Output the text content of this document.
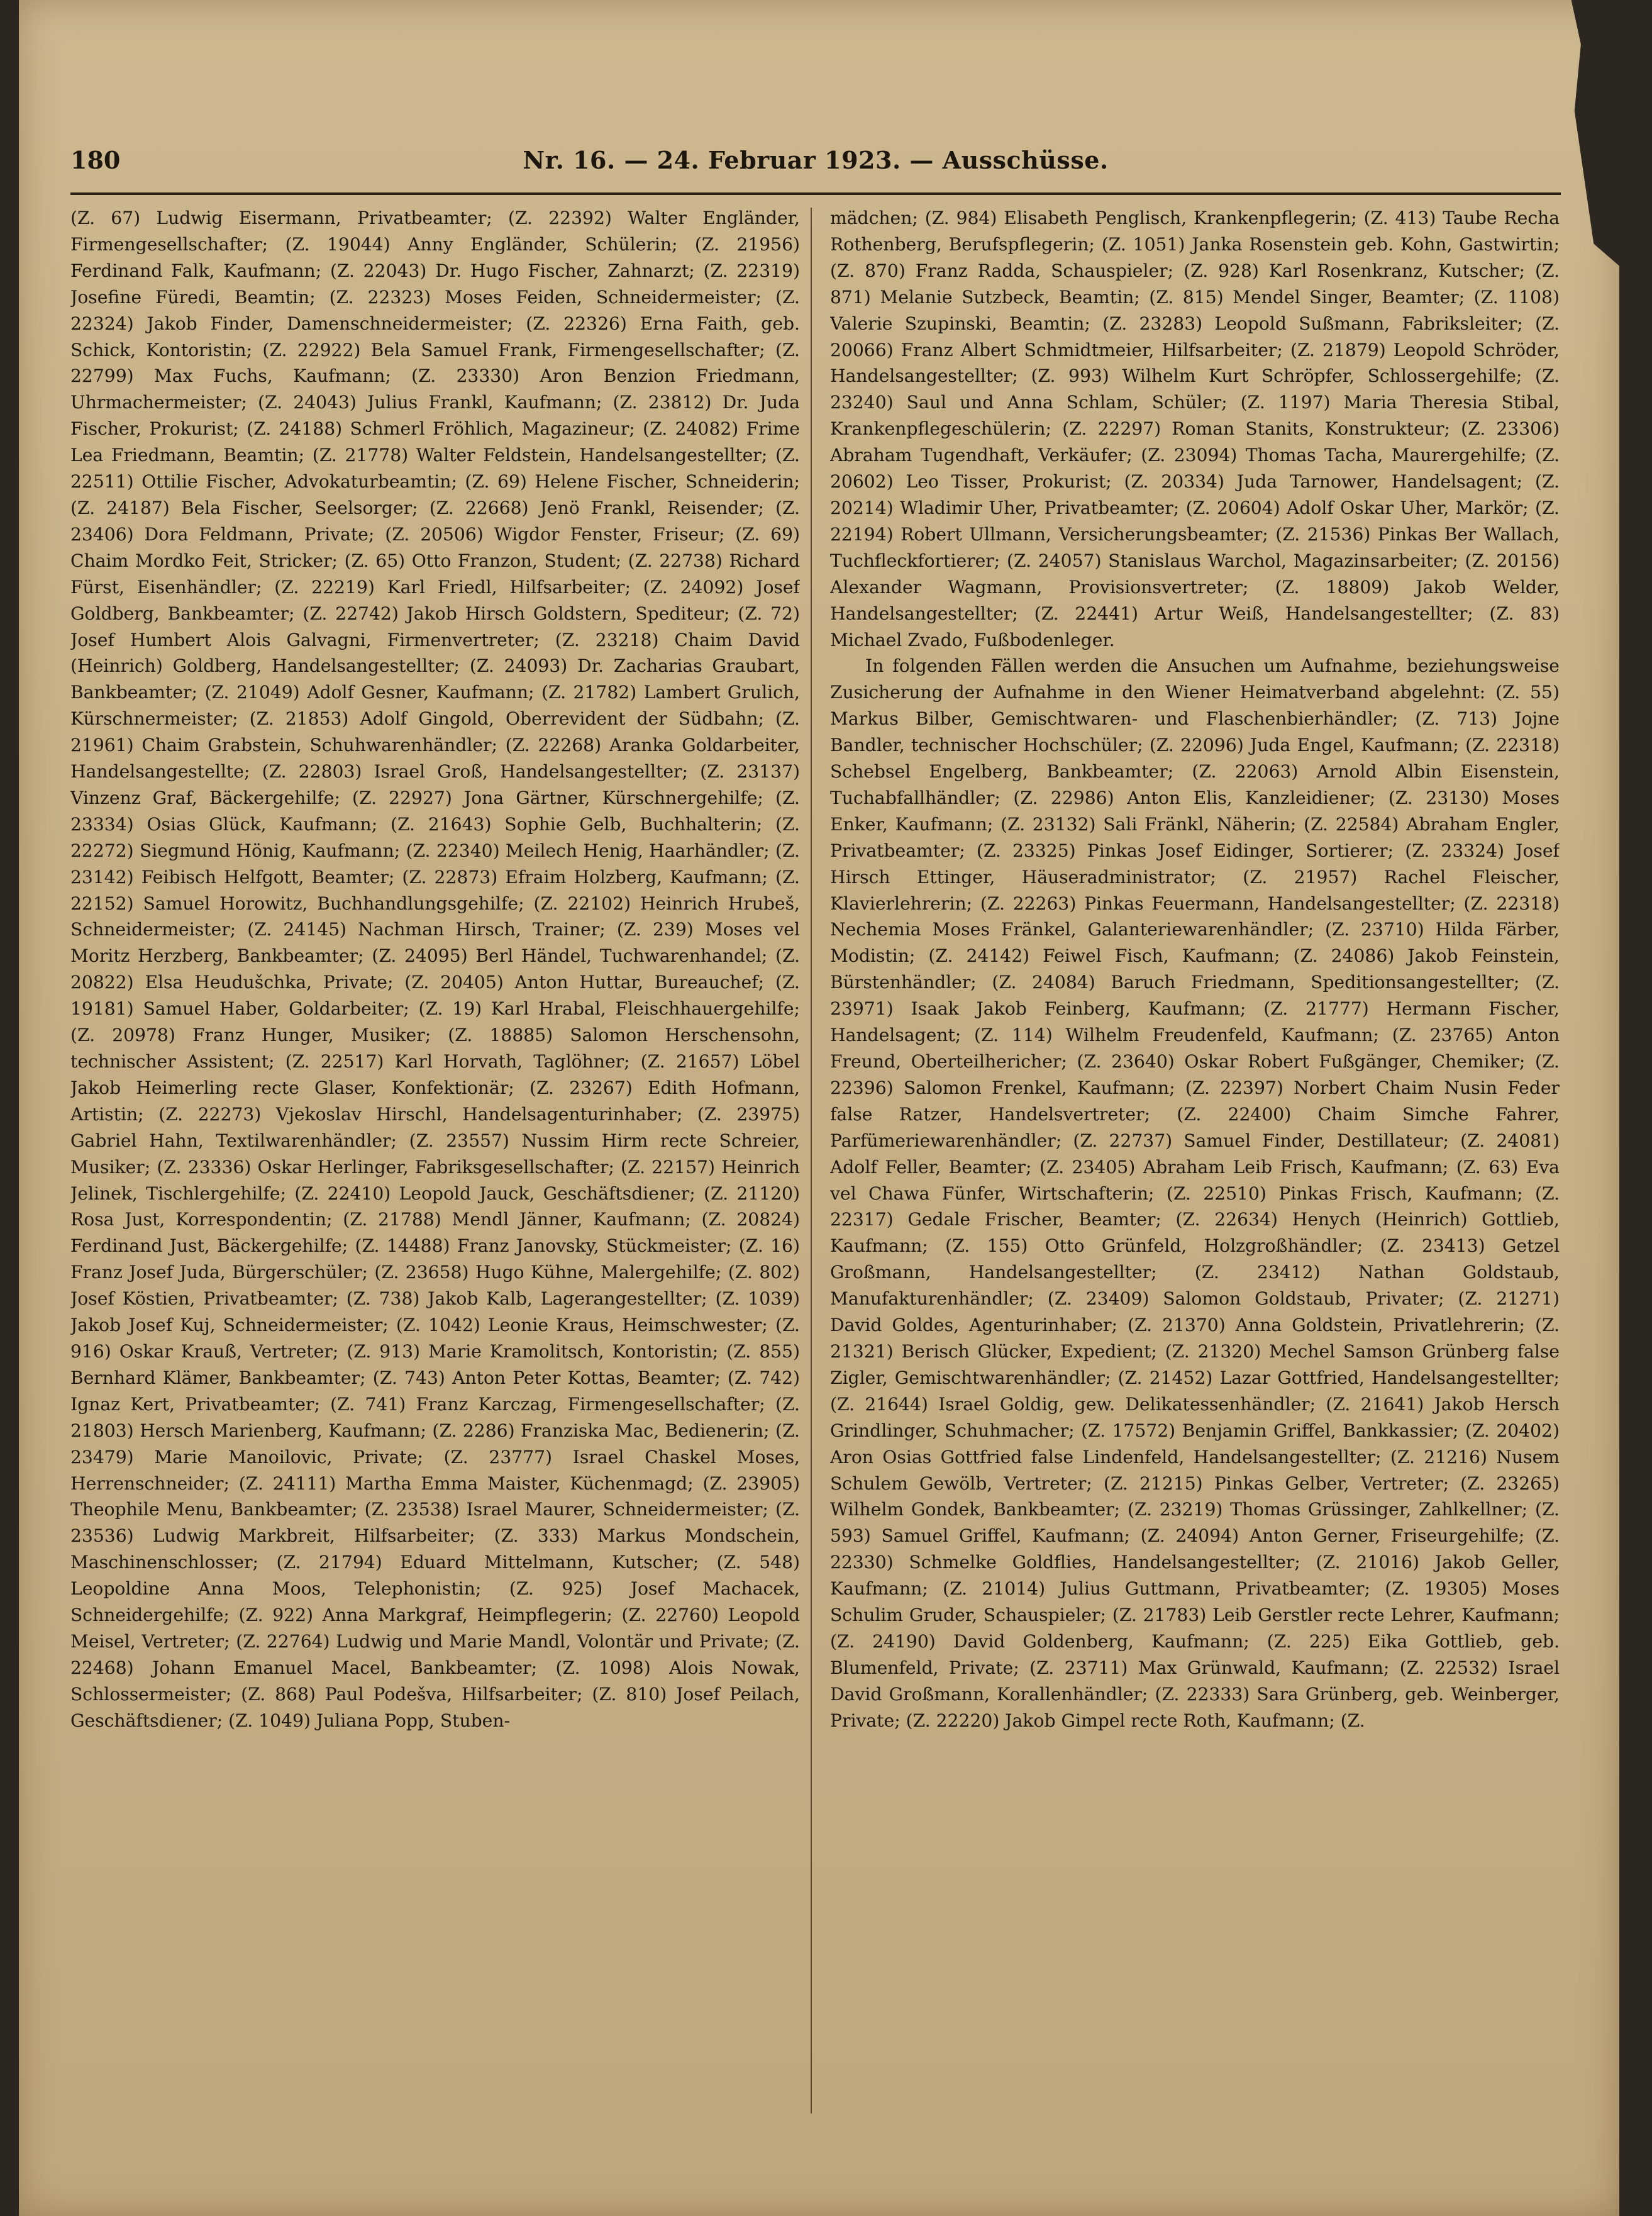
180	Nr. 16. — 24. Februar 1923. — Ausschüsse.

(Z. 67) Ludwig Eisermann, Privatbeamter; (Z. 22392) Walter Engländer, Firmengesellschafter; (Z. 19044) Anny Engländer, Schülerin; (Z. 21956) Ferdinand Falk, Kaufmann; (Z. 22043) Dr. Hugo Fischer, Zahnarzt; (Z. 22319) Josefine Füredi, Beamtin; (Z. 22323) Moses Feiden, Schneidermeister; (Z. 22324) Jakob Finder, Damenschneidermeister; (Z. 22326) Erna Faith, geb. Schick, Kontoristin; (Z. 22922) Bela Samuel Frank, Firmengesellschafter; (Z. 22799) Max Fuchs, Kaufmann; (Z. 23330) Aron Benzion Friedmann, Uhrmachermeister; (Z. 24043) Julius Frankl, Kaufmann; (Z. 23812) Dr. Juda Fischer, Prokurist; (Z. 24188) Schmerl Fröhlich, Magazineur; (Z. 24082) Frime Lea Friedmann, Beamtin; (Z. 21778) Walter Feldstein, Handelsangestellter; (Z. 22511) Ottilie Fischer, Advokaturbeamtin; (Z. 69) Helene Fischer, Schneiderin; (Z. 24187) Bela Fischer, Seelsorger; (Z. 22668) Jenö Frankl, Reisender; (Z. 23406) Dora Feldmann, Private; (Z. 20506) Wigdor Fenster, Friseur; (Z. 69) Chaim Mordko Feit, Stricker; (Z. 65) Otto Franzon, Student; (Z. 22738) Richard Fürst, Eisenhändler; (Z. 22219) Karl Friedl, Hilfsarbeiter; (Z. 24092) Josef Goldberg, Bankbeamter; (Z. 22742) Jakob Hirsch Goldstern, Spediteur; (Z. 72) Josef Humbert Alois Galvagni, Firmenvertreter; (Z. 23218) Chaim David (Heinrich) Goldberg, Handelsangestellter; (Z. 24093) Dr. Zacharias Graubart, Bankbeamter; (Z. 21049) Adolf Gesner, Kaufmann; (Z. 21782) Lambert Grulich, Kürschnermeister; (Z. 21853) Adolf Gingold, Oberrevident der Südbahn; (Z. 21961) Chaim Grabstein, Schuhwarenhändler; (Z. 22268) Aranka Goldarbeiter, Handelsangestellte; (Z. 22803) Israel Groß, Handelsangestellter; (Z. 23137) Vinzenz Graf, Bäckergehilfe; (Z. 22927) Jona Gärtner, Kürschnergehilfe; (Z. 23334) Osias Glück, Kaufmann; (Z. 21643) Sophie Gelb, Buchhalterin; (Z. 22272) Siegmund Hönig, Kaufmann; (Z. 22340) Meilech Henig, Haarhändler; (Z. 23142) Feibisch Helfgott, Beamter; (Z. 22873) Efraim Holzberg, Kaufmann; (Z. 22152) Samuel Horowitz, Buchhandlungsgehilfe; (Z. 22102) Heinrich Hrubeš, Schneidermeister; (Z. 24145) Nachman Hirsch, Trainer; (Z. 239) Moses vel Moritz Herzberg, Bankbeamter; (Z. 24095) Berl Händel, Tuchwarenhandel; (Z. 20822) Elsa Heudušchka, Private; (Z. 20405) Anton Huttar, Bureauchef; (Z. 19181) Samuel Haber, Goldarbeiter; (Z. 19) Karl Hrabal, Fleischhauergehilfe; (Z. 20978) Franz Hunger, Musiker; (Z. 18885) Salomon Herschensohn, technischer Assistent; (Z. 22517) Karl Horvath, Taglöhner; (Z. 21657) Löbel Jakob Heimerling recte Glaser, Konfektionär; (Z. 23267) Edith Hofmann, Artistin; (Z. 22273) Vjekoslav Hirschl, Handelsagenturinhaber; (Z. 23975) Gabriel Hahn, Textilwarenhändler; (Z. 23557) Nussim Hirm recte Schreier, Musiker; (Z. 23336) Oskar Herlinger, Fabriksgesellschafter; (Z. 22157) Heinrich Jelinek, Tischlergehilfe; (Z. 22410) Leopold Jauck, Geschäftsdiener; (Z. 21120) Rosa Just, Korrespondentin; (Z. 21788) Mendl Jänner, Kaufmann; (Z. 20824) Ferdinand Just, Bäckergehilfe; (Z. 14488) Franz Janovsky, Stückmeister; (Z. 16) Franz Josef Juda, Bürgerschüler; (Z. 23658) Hugo Kühne, Malergehilfe; (Z. 802) Josef Köstien, Privatbeamter; (Z. 738) Jakob Kalb, Lagerangestellter; (Z. 1039) Jakob Josef Kuj, Schneidermeister; (Z. 1042) Leonie Kraus, Heimschwester; (Z. 916) Oskar Krauß, Vertreter; (Z. 913) Marie Kramolitsch, Kontoristin; (Z. 855) Bernhard Klämer, Bankbeamter; (Z. 743) Anton Peter Kottas, Beamter; (Z. 742) Ignaz Kert, Privatbeamter; (Z. 741) Franz Karczag, Firmengesellschafter; (Z. 21803) Hersch Marienberg, Kaufmann; (Z. 2286) Franziska Mac, Bedienerin; (Z. 23479) Marie Manoilovic, Private; (Z. 23777) Israel Chaskel Moses, Herrenschneider; (Z. 24111) Martha Emma Maister, Küchenmagd; (Z. 23905) Theophile Menu, Bankbeamter; (Z. 23538) Israel Maurer, Schneidermeister; (Z. 23536) Ludwig Markbreit, Hilfsarbeiter; (Z. 333) Markus Mondschein, Maschinenschlosser; (Z. 21794) Eduard Mittelmann, Kutscher; (Z. 548) Leopoldine Anna Moos, Telephonistin; (Z. 925) Josef Machacek, Schneidergehilfe; (Z. 922) Anna Markgraf, Heimpflegerin; (Z. 22760) Leopold Meisel, Vertreter; (Z. 22764) Ludwig und Marie Mandl, Volontär und Private; (Z. 22468) Johann Emanuel Macel, Bankbeamter; (Z. 1098) Alois Nowak, Schlossermeister; (Z. 868) Paul Podešva, Hilfsarbeiter; (Z. 810) Josef Peilach, Geschäftsdiener; (Z. 1049) Juliana Popp, Stuben-

mädchen; (Z. 984) Elisabeth Penglisch, Krankenpflegerin; (Z. 413) Taube Recha Rothenberg, Berufspflegerin; (Z. 1051) Janka Rosenstein geb. Kohn, Gastwirtin; (Z. 870) Franz Radda, Schauspieler; (Z. 928) Karl Rosenkranz, Kutscher; (Z. 871) Melanie Sutzbeck, Beamtin; (Z. 815) Mendel Singer, Beamter; (Z. 1108) Valerie Szupinski, Beamtin; (Z. 23283) Leopold Sußmann, Fabriksleiter; (Z. 20066) Franz Albert Schmidtmeier, Hilfsarbeiter; (Z. 21879) Leopold Schröder, Handelsangestellter; (Z. 993) Wilhelm Kurt Schröpfer, Schlossergehilfe; (Z. 23240) Saul und Anna Schlam, Schüler; (Z. 1197) Maria Theresia Stibal, Krankenpflegeschülerin; (Z. 22297) Roman Stanits, Konstrukteur; (Z. 23306) Abraham Tugendhaft, Verkäufer; (Z. 23094) Thomas Tacha, Maurergehilfe; (Z. 20602) Leo Tisser, Prokurist; (Z. 20334) Juda Tarnower, Handelsagent; (Z. 20214) Wladimir Uher, Privatbeamter; (Z. 20604) Adolf Oskar Uher, Markör; (Z. 22194) Robert Ullmann, Versicherungsbeamter; (Z. 21536) Pinkas Ber Wallach, Tuchfleckfortierer; (Z. 24057) Stanislaus Warchol, Magazinsarbeiter; (Z. 20156) Alexander Wagmann, Provisionsvertreter; (Z. 18809) Jakob Welder, Handelsangestellter; (Z. 22441) Artur Weiß, Handelsangestellter; (Z. 83) Michael Zvado, Fußbodenleger.

In folgenden Fällen werden die Ansuchen um Aufnahme, beziehungsweise Zusicherung der Aufnahme in den Wiener Heimatverband abgelehnt: (Z. 55) Markus Bilber, Gemischtwaren- und Flaschenbierhändler; (Z. 713) Jojne Bandler, technischer Hochschüler; (Z. 22096) Juda Engel, Kaufmann; (Z. 22318) Schebsel Engelberg, Bankbeamter; (Z. 22063) Arnold Albin Eisenstein, Tuchabfallhändler; (Z. 22986) Anton Elis, Kanzleidiener; (Z. 23130) Moses Enker, Kaufmann; (Z. 23132) Sali Fränkl, Näherin; (Z. 22584) Abraham Engler, Privatbeamter; (Z. 23325) Pinkas Josef Eidinger, Sortierer; (Z. 23324) Josef Hirsch Ettinger, Häuseradministrator; (Z. 21957) Rachel Fleischer, Klavierlehrerin; (Z. 22263) Pinkas Feuermann, Handelsangestellter; (Z. 22318) Nechemia Moses Fränkel, Galanteriewarenhändler; (Z. 23710) Hilda Färber, Modistin; (Z. 24142) Feiwel Fisch, Kaufmann; (Z. 24086) Jakob Feinstein, Bürstenhändler; (Z. 24084) Baruch Friedmann, Speditionsangestellter; (Z. 23971) Isaak Jakob Feinberg, Kaufmann; (Z. 21777) Hermann Fischer, Handelsagent; (Z. 114) Wilhelm Freudenfeld, Kaufmann; (Z. 23765) Anton Freund, Oberteilhericher; (Z. 23640) Oskar Robert Fußgänger, Chemiker; (Z. 22396) Salomon Frenkel, Kaufmann; (Z. 22397) Norbert Chaim Nusin Feder false Ratzer, Handelsvertreter; (Z. 22400) Chaim Simche Fahrer, Parfümeriewarenhändler; (Z. 22737) Samuel Finder, Destillateur; (Z. 24081) Adolf Feller, Beamter; (Z. 23405) Abraham Leib Frisch, Kaufmann; (Z. 63) Eva vel Chawa Fünfer, Wirtschafterin; (Z. 22510) Pinkas Frisch, Kaufmann; (Z. 22317) Gedale Frischer, Beamter; (Z. 22634) Henych (Heinrich) Gottlieb, Kaufmann; (Z. 155) Otto Grünfeld, Holzgroßhändler; (Z. 23413) Getzel Großmann, Handelsangestellter; (Z. 23412) Nathan Goldstaub, Manufakturenhändler; (Z. 23409) Salomon Goldstaub, Privater; (Z. 21271) David Goldes, Agenturinhaber; (Z. 21370) Anna Goldstein, Privatlehrerin; (Z. 21321) Berisch Glücker, Expedient; (Z. 21320) Mechel Samson Grünberg false Zigler, Gemischtwarenhändler; (Z. 21452) Lazar Gottfried, Handelsangestellter; (Z. 21644) Israel Goldig, gew. Delikatessenhändler; (Z. 21641) Jakob Hersch Grindlinger, Schuhmacher; (Z. 17572) Benjamin Griffel, Bankkassier; (Z. 20402) Aron Osias Gottfried false Lindenfeld, Handelsangestellter; (Z. 21216) Nusem Schulem Gewölb, Vertreter; (Z. 21215) Pinkas Gelber, Vertreter; (Z. 23265) Wilhelm Gondek, Bankbeamter; (Z. 23219) Thomas Grüssinger, Zahlkellner; (Z. 593) Samuel Griffel, Kaufmann; (Z. 24094) Anton Gerner, Friseurgehilfe; (Z. 22330) Schmelke Goldflies, Handelsangestellter; (Z. 21016) Jakob Geller, Kaufmann; (Z. 21014) Julius Guttmann, Privatbeamter; (Z. 19305) Moses Schulim Gruder, Schauspieler; (Z. 21783) Leib Gerstler recte Lehrer, Kaufmann; (Z. 24190) David Goldenberg, Kaufmann; (Z. 225) Eika Gottlieb, geb. Blumenfeld, Private; (Z. 23711) Max Grünwald, Kaufmann; (Z. 22532) Israel David Großmann, Korallenhändler; (Z. 22333) Sara Grünberg, geb. Weinberger, Private; (Z. 22220) Jakob Gimpel recte Roth, Kaufmann; (Z.
